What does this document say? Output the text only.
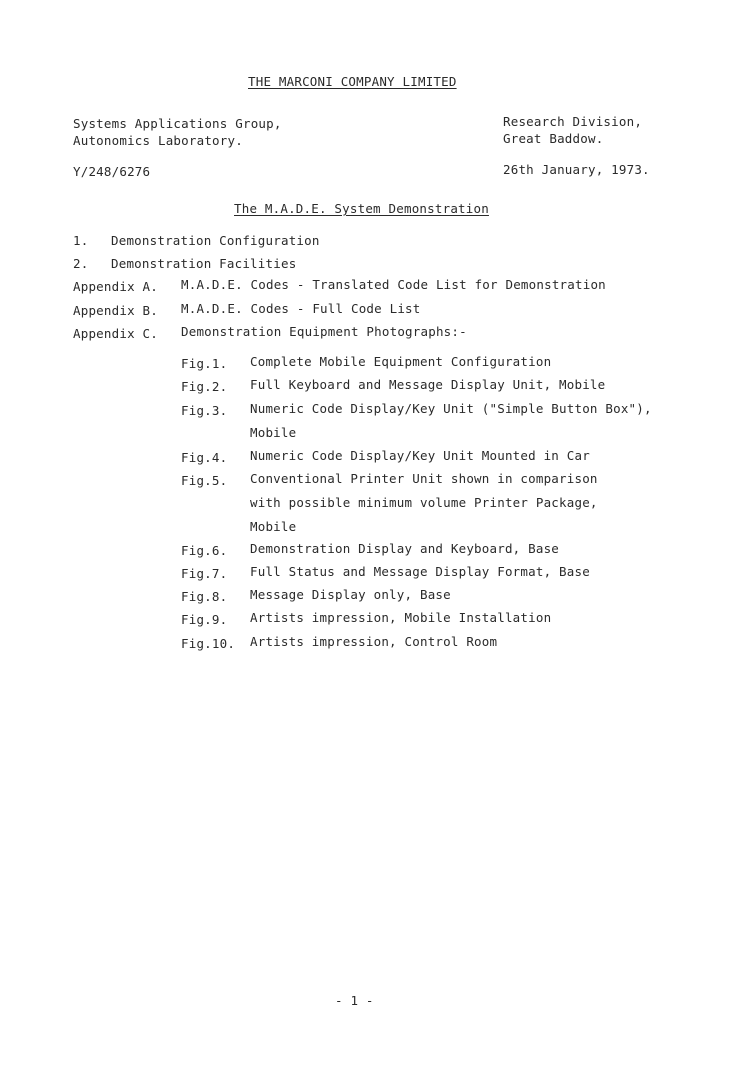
THE MARCONI COMPANY LIMITED
Systems Applications Group,
Autonomics Laboratory.
Research Division,
Great Baddow.
Y/248/6276	26th January, 1973.
The M.A.D.E. System Demonstration
1. Demonstration Configuration
2. Demonstration Facilities
Appendix A. M.A.D.E. Codes - Translated Code List for Demonstration
Appendix B. M.A.D.E. Codes - Full Code List
Appendix C. Demonstration Equipment Photographs:-
Fig.1. Complete Mobile Equipment Configuration
Fig.2. Full Keyboard and Message Display Unit, Mobile
Fig.3. Numeric Code Display/Key Unit ("Simple Button Box"),
Mobile
Fig.4. Numeric Code Display/Key Unit Mounted in Car
Fig.5. Conventional Printer Unit shown in comparison
with possible minimum volume Printer Package,
Mobile
Fig.6. Demonstration Display and Keyboard, Base
Fig.7. Full Status and Message Display Format, Base
Fig.8. Message Display only, Base
Fig.9. Artists impression, Mobile Installation
Fig.10. Artists impression, Control Room
- 1 -
